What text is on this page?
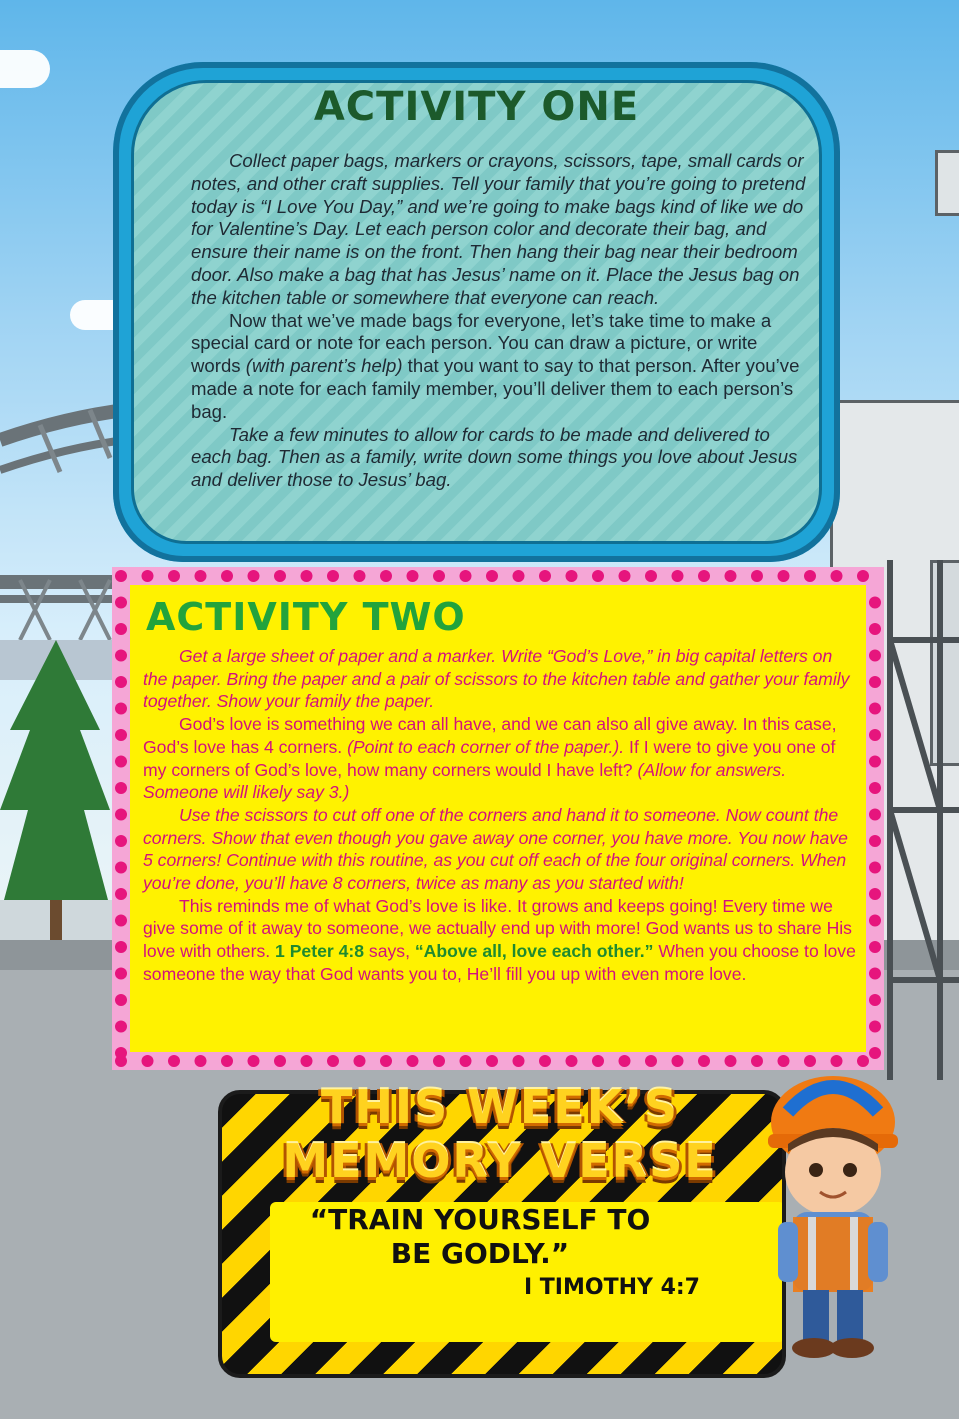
ACTIVITY ONE

Collect paper bags, markers or crayons, scissors, tape, small cards or notes, and other craft supplies. Tell your family that you’re going to pretend today is “I Love You Day,” and we’re going to make bags kind of like we do for Valentine’s Day. Let each person color and decorate their bag, and ensure their name is on the front. Then hang their bag near their bedroom door. Also make a bag that has Jesus’ name on it. Place the Jesus bag on the kitchen table or somewhere that everyone can reach.

Now that we’ve made bags for everyone, let’s take time to make a special card or note for each person. You can draw a picture, or write words (with parent’s help) that you want to say to that person. After you’ve made a note for each family member, you’ll deliver them to each person’s bag.

Take a few minutes to allow for cards to be made and delivered to each bag. Then as a family, write down some things you love about Jesus and deliver those to Jesus’ bag.

ACTIVITY TWO

Get a large sheet of paper and a marker. Write “God’s Love,” in big capital letters on the paper. Bring the paper and a pair of scissors to the kitchen table and gather your family together. Show your family the paper.

God’s love is something we can all have, and we can also all give away. In this case, God’s love has 4 corners. (Point to each corner of the paper.). If I were to give you one of my corners of God’s love, how many corners would I have left? (Allow for answers. Someone will likely say 3.)

Use the scissors to cut off one of the corners and hand it to someone. Now count the corners. Show that even though you gave away one corner, you have more. You now have 5 corners! Continue with this routine, as you cut off each of the four original corners. When you’re done, you’ll have 8 corners, twice as many as you started with!

This reminds me of what God’s love is like. It grows and keeps going! Every time we give some of it away to someone, we actually end up with more! God wants us to share His love with others. 1 Peter 4:8 says, “Above all, love each other.” When you choose to love someone the way that God wants you to, He’ll fill you up with even more love.

THIS WEEK’S
MEMORY VERSE
“TRAIN YOURSELF TO
BE GODLY.”
I TIMOTHY 4:7
